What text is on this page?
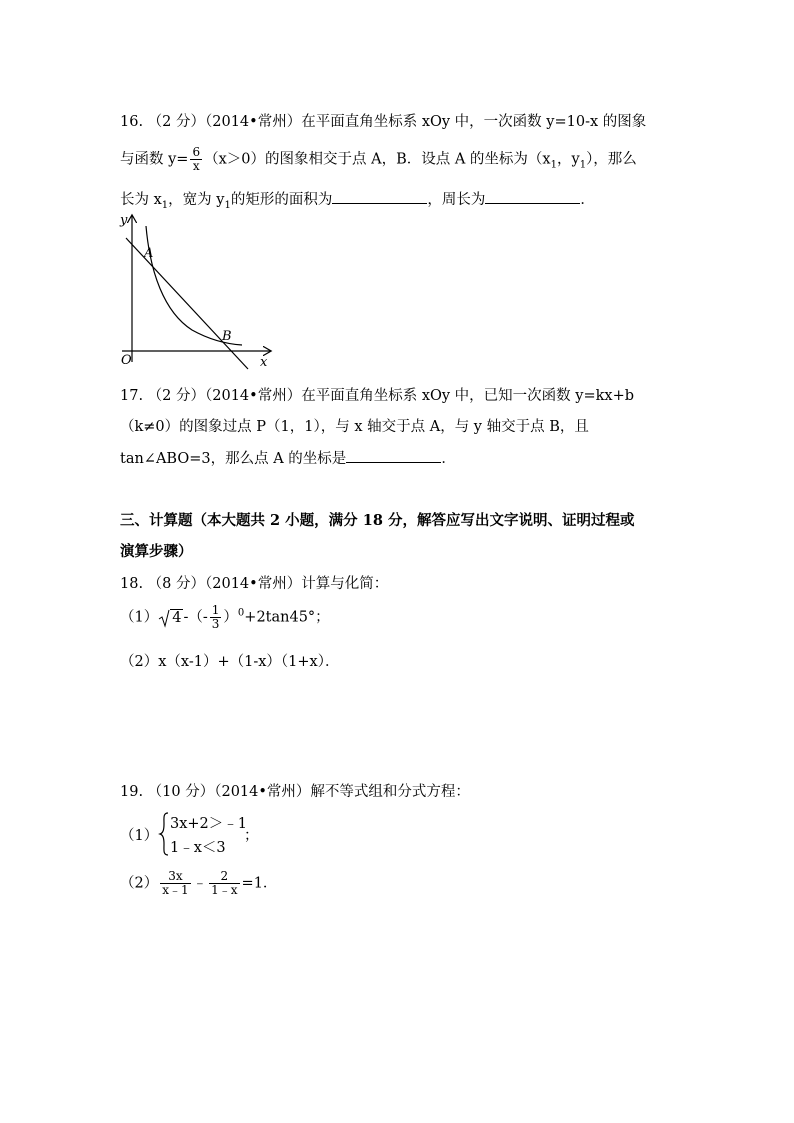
16. （2 分）（2014•常州）在平面直角坐标系 xOy 中，一次函数 y=10-x 的图象
与函数 $y= \frac{6}{x} (x>0)$的图象相交于点 A，B．设点 A 的坐标为（$x_1$，$y_1$），那么
长为 $x_1$，宽为 $y_1$的矩形的面积为	，周长为	．
y
x
O
A
B
17. （2 分）（2014•常州）在平面直角坐标系 xOy 中，已知一次函数 y=kx+b
（k≠0）的图象过点 P（1，1），与 x 轴交于点 A，与 y 轴交于点 B，且
tan∠ABO=3，那么点 A 的坐标是	．
三、计算题（本大题共 2 小题，满分 18 分，解答应写出文字说明、证明过程或
演算步骤）
18. （8 分）（2014•常州）计算与化简：
（1） 4 -（- $\frac{1}{3} )^0+2\tan 45^\circ$；
（2）x（x-1）+（1-x）（1+x）．
19. （10 分）（2014•常州）解不等式组和分式方程：
（1）
3x+2＞﹣1
1﹣x＜3
；
$(2) \frac{3x}{x﹣1}$ ﹣ $\frac{2}{1﹣x} =1$．
